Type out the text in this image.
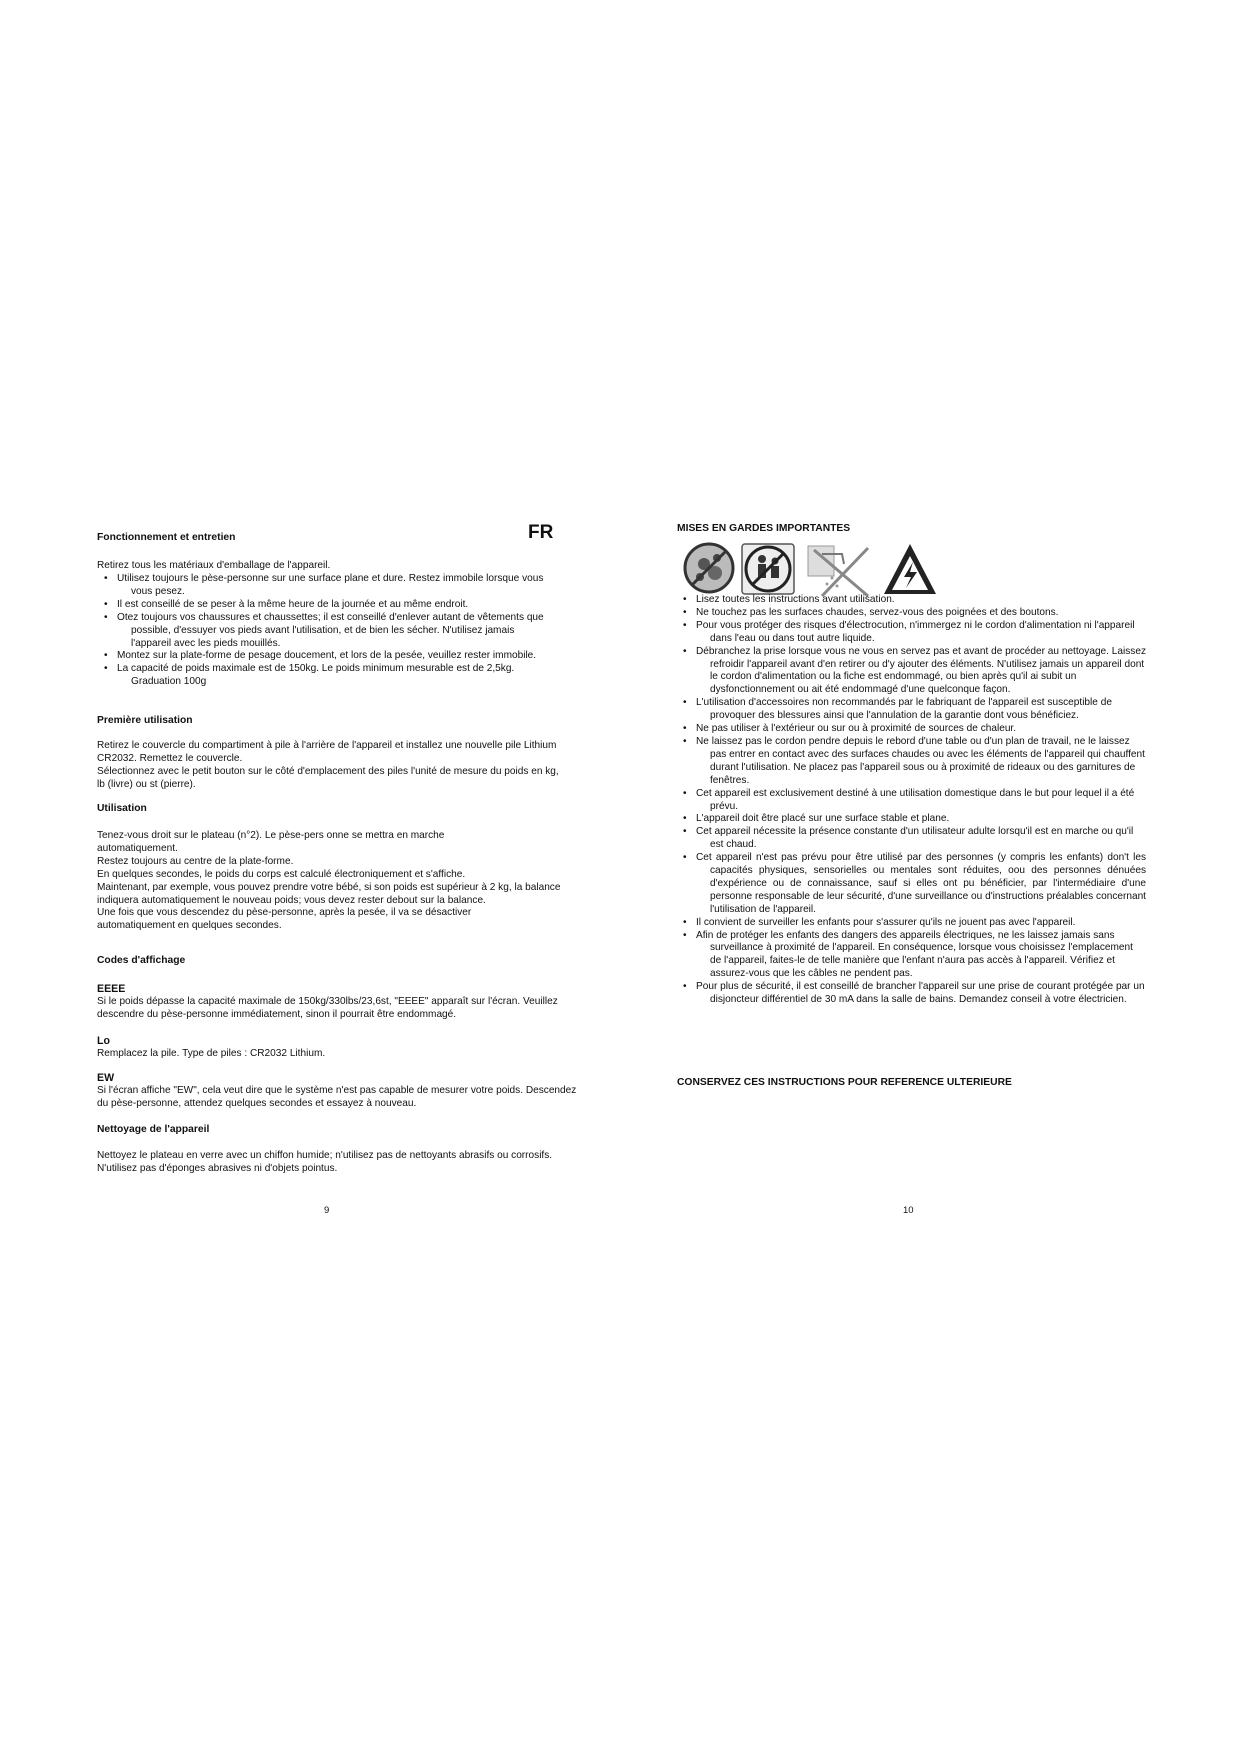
Fonctionnement et entretien	FR

Retirez tous les matériaux d'emballage de l'appareil.

• Utilisez toujours le pèse-personne sur une surface plane et dure. Restez immobile lorsque vous vous pesez.
• Il est conseillé de se peser à la même heure de la journée et au même endroit.
• Otez toujours vos chaussures et chaussettes; il est conseillé d'enlever autant de vêtements que possible, d'essuyer vos pieds avant l'utilisation, et de bien les sécher. N'utilisez jamais l'appareil avec les pieds mouillés.
• Montez sur la plate-forme de pesage doucement, et lors de la pesée, veuillez rester immobile.
• La capacité de poids maximale est de 150kg. Le poids minimum mesurable est de 2,5kg. Graduation 100g
Première utilisation

Retirez le couvercle du compartiment à pile à l'arrière de l'appareil et installez une nouvelle pile Lithium CR2032. Remettez le couvercle.

Sélectionnez avec le petit bouton sur le côté d'emplacement des piles l'unité de mesure du poids en kg, lb (livre) ou st (pierre).

Utilisation

Tenez-vous droit sur le plateau (n°2). Le pèse-pers onne se mettra en marche automatiquement.

Restez toujours au centre de la plate-forme.

En quelques secondes, le poids du corps est calculé électroniquement et s'affiche.

Maintenant, par exemple, vous pouvez prendre votre bébé, si son poids est supérieur à 2 kg, la balance indiquera automatiquement le nouveau poids; vous devez rester debout sur la balance.

Une fois que vous descendez du pèse-personne, après la pesée, il va se désactiver automatiquement en quelques secondes.

Codes d'affichage
EEEE

Si le poids dépasse la capacité maximale de 150kg/330lbs/23,6st, "EEEE" apparaît sur l'écran. Veuillez descendre du pèse-personne immédiatement, sinon il pourrait être endommagé.

Lo

Remplacez la pile. Type de piles : CR2032 Lithium.

EW

Si l'écran affiche "EW", cela veut dire que le système n'est pas capable de mesurer votre poids. Descendez du pèse-personne, attendez quelques secondes et essayez à nouveau.

Nettoyage de l'appareil

Nettoyez le plateau en verre avec un chiffon humide; n'utilisez pas de nettoyants abrasifs ou corrosifs. N'utilisez pas d'éponges abrasives ni d'objets pointus.

9
MISES EN GARDES IMPORTANTES
• Lisez toutes les instructions avant utilisation.
• Ne touchez pas les surfaces chaudes, servez-vous des poignées et des boutons.
• Pour vous protéger des risques d'électrocution, n'immergez ni le cordon d'alimentation ni l'appareil dans l'eau ou dans tout autre liquide.
• Débranchez la prise lorsque vous ne vous en servez pas et avant de procéder au nettoyage. Laissez refroidir l'appareil avant d'en retirer ou d'y ajouter des éléments. N'utilisez jamais un appareil dont le cordon d'alimentation ou la fiche est endommagé, ou bien après qu'il ai subit un dysfonctionnement ou ait été endommagé d'une quelconque façon.
• L'utilisation d'accessoires non recommandés par le fabriquant de l'appareil est susceptible de provoquer des blessures ainsi que l'annulation de la garantie dont vous bénéficiez.
• Ne pas utiliser à l'extérieur ou sur ou à proximité de sources de chaleur.
• Ne laissez pas le cordon pendre depuis le rebord d'une table ou d'un plan de travail, ne le laissez pas entrer en contact avec des surfaces chaudes ou avec les éléments de l'appareil qui chauffent durant l'utilisation. Ne placez pas l'appareil sous ou à proximité de rideaux ou des garnitures de fenêtres.
• Cet appareil est exclusivement destiné à une utilisation domestique dans le but pour lequel il a été prévu.
• L'appareil doit être placé sur une surface stable et plane.
• Cet appareil nécessite la présence constante d'un utilisateur adulte lorsqu'il est en marche ou qu'il est chaud.
• Cet appareil n'est pas prévu pour être utilisé par des personnes (y compris les enfants) don't les capacités physiques, sensorielles ou mentales sont réduites, oou des personnes dénuées d'expérience ou de connaissance, sauf si elles ont pu bénéficier, par l'intermédiaire d'une personne responsable de leur sécurité, d'une surveillance ou d'instructions préalables concernant l'utilisation de l'appareil.
• Il convient de surveiller les enfants pour s'assurer qu'ils ne jouent pas avec l'appareil.
• Afin de protéger les enfants des dangers des appareils électriques, ne les laissez jamais sans surveillance à proximité de l'appareil. En conséquence, lorsque vous choisissez l'emplacement de l'appareil, faites-le de telle manière que l'enfant n'aura pas accès à l'appareil. Vérifiez et assurez-vous que les câbles ne pendent pas.
• Pour plus de sécurité, il est conseillé de brancher l'appareil sur une prise de courant protégée par un disjoncteur différentiel de 30 mA dans la salle de bains. Demandez conseil à votre électricien.
CONSERVEZ CES INSTRUCTIONS POUR REFERENCE ULTERIEURE
10
